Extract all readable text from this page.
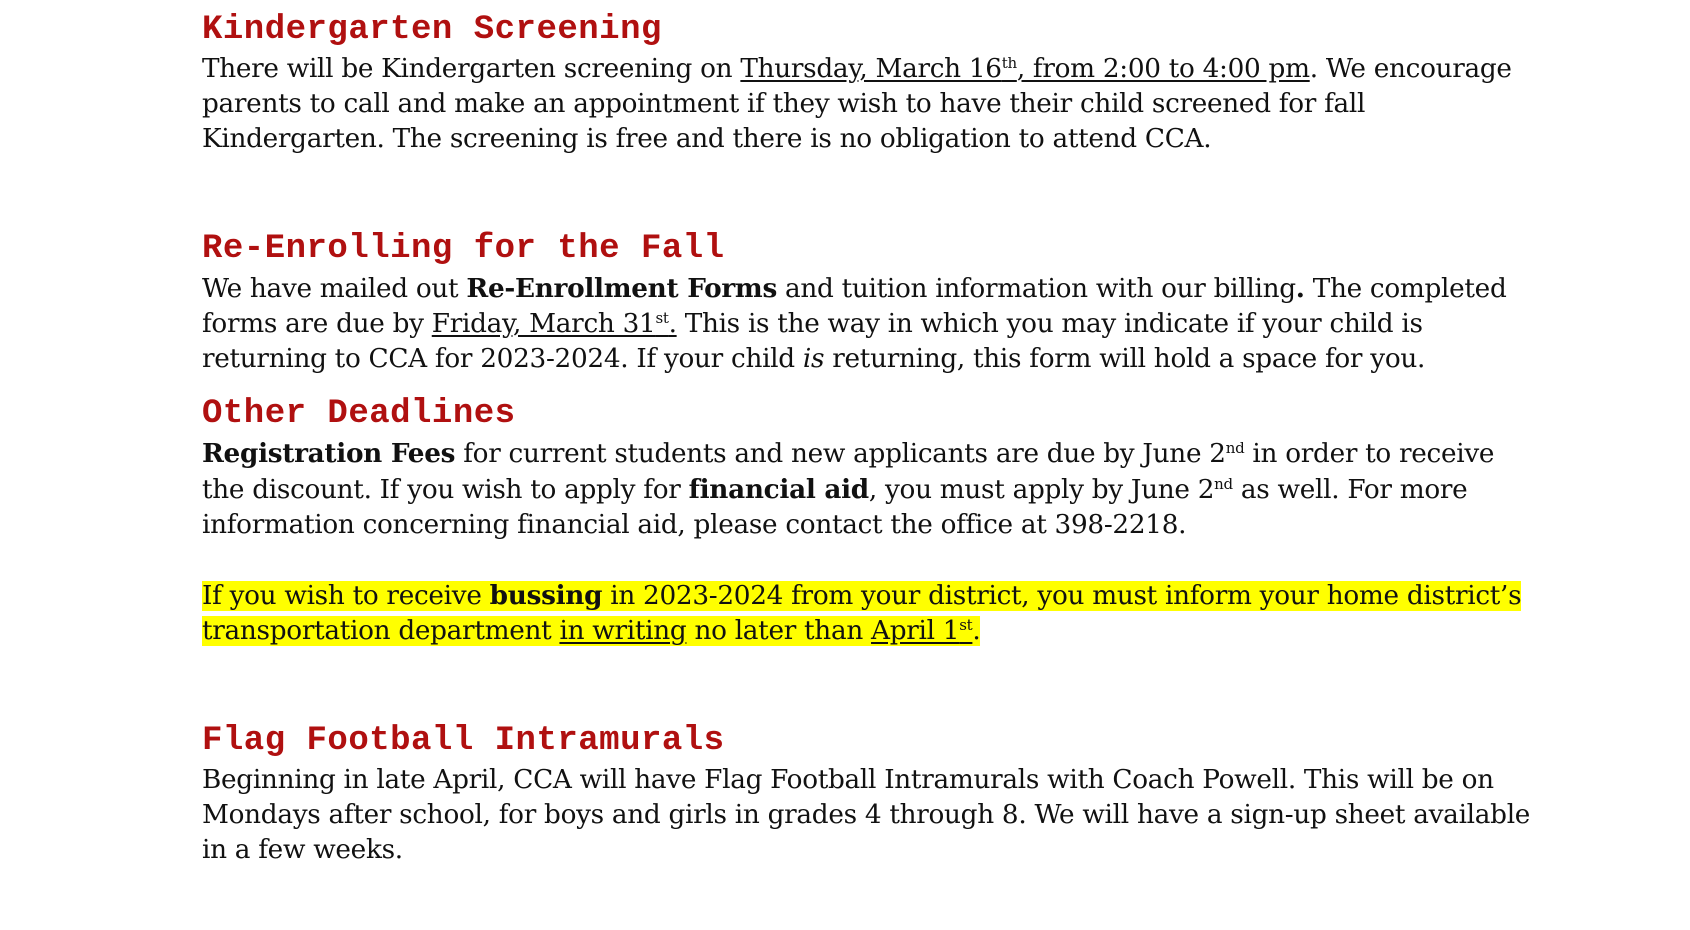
Kindergarten Screening

There will be Kindergarten screening on Thursday, March 16th, from 2:00 to 4:00 pm. We encourage parents to call and make an appointment if they wish to have their child screened for fall Kindergarten. The screening is free and there is no obligation to attend CCA.

Re-Enrolling for the Fall

We have mailed out Re-Enrollment Forms and tuition information with our billing. The completed forms are due by Friday, March 31st. This is the way in which you may indicate if your child is returning to CCA for 2023-2024. If your child is returning, this form will hold a space for you.

Other Deadlines

Registration Fees for current students and new applicants are due by June 2nd in order to receive the discount. If you wish to apply for financial aid, you must apply by June 2nd as well. For more information concerning financial aid, please contact the office at 398-2218.

If you wish to receive bussing in 2023-2024 from your district, you must inform your home district’s transportation department in writing no later than April 1st.

Flag Football Intramurals

Beginning in late April, CCA will have Flag Football Intramurals with Coach Powell. This will be on Mondays after school, for boys and girls in grades 4 through 8. We will have a sign-up sheet available in a few weeks.
